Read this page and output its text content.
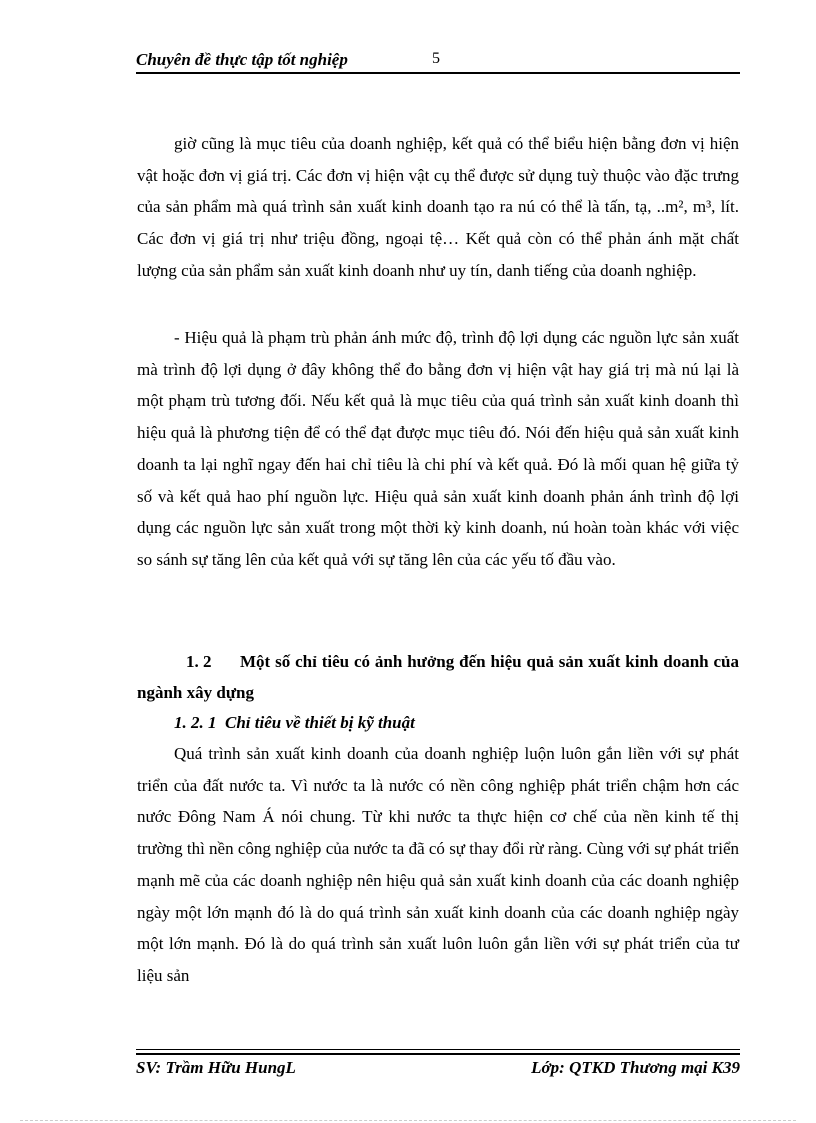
Chuyên đề thực tập tốt nghiệp	5

giờ cũng là mục tiêu của doanh nghiệp, kết quả có thể biểu hiện bằng đơn vị hiện vật hoặc đơn vị giá trị. Các đơn vị hiện vật cụ thể được sử dụng tuỳ thuộc vào đặc trưng của sản phẩm mà quá trình sản xuất kinh doanh tạo ra nú có thể là tấn, tạ, ..m², m³, lít. Các đơn vị giá trị như triệu đồng, ngoại tệ… Kết quả còn có thể phản ánh mặt chất lượng của sản phẩm sản xuất kinh doanh như uy tín, danh tiếng của doanh nghiệp.

- Hiệu quả là phạm trù phản ánh mức độ, trình độ lợi dụng các nguồn lực sản xuất mà trình độ lợi dụng ở đây không thể đo bằng đơn vị hiện vật hay giá trị mà nú lại là một phạm trù tương đối. Nếu kết quả là mục tiêu của quá trình sản xuất kinh doanh thì hiệu quả là phương tiện để có thể đạt được mục tiêu đó. Nói đến hiệu quả sản xuất kinh doanh ta lại nghĩ ngay đến hai chỉ tiêu là chi phí và kết quả. Đó là mối quan hệ giữa tỷ số và kết quả hao phí nguồn lực. Hiệu quả sản xuất kinh doanh phản ánh trình độ lợi dụng các nguồn lực sản xuất trong một thời kỳ kinh doanh, nú hoàn toàn khác với việc so sánh sự tăng lên của kết quả với sự tăng lên của các yếu tố đầu vào.

1. 2 Một số chỉ tiêu có ảnh hưởng đến hiệu quả sản xuất kinh doanh của ngành xây dựng

1. 2. 1 Chỉ tiêu về thiết bị kỹ thuật

Quá trình sản xuất kinh doanh của doanh nghiệp luộn luôn gắn liền với sự phát triển của đất nước ta. Vì nước ta là nước có nền công nghiệp phát triển chậm hơn các nước Đông Nam Á nói chung. Từ khi nước ta thực hiện cơ chế của nền kinh tế thị trường thì nền công nghiệp của nước ta đã có sự thay đổi rừ ràng. Cùng với sự phát triển mạnh mẽ của các doanh nghiệp nên hiệu quả sản xuất kinh doanh của các doanh nghiệp ngày một lớn mạnh đó là do quá trình sản xuất kinh doanh của các doanh nghiệp ngày một lớn mạnh. Đó là do quá trình sản xuất luôn luôn gắn liền với sự phát triển của tư liệu sản

SV: Trầm Hữu HungL	Lớp: QTKD Thương mại K39
